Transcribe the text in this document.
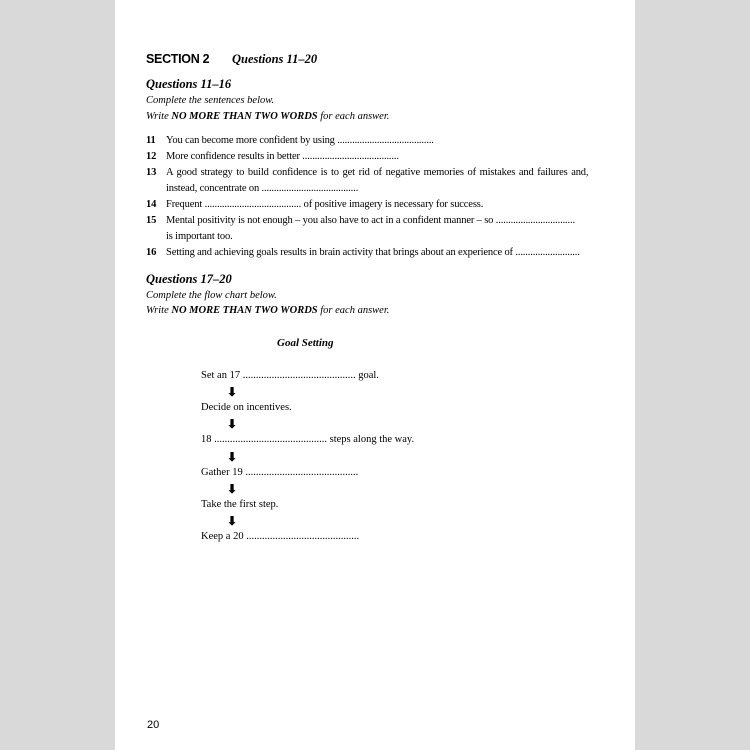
SECTION 2 Questions 11–20
Questions 11–16
Complete the sentences below.
Write NO MORE THAN TWO WORDS for each answer.
11 You can become more confident by using .......................................
12 More confidence results in better .......................................
13 A good strategy to build confidence is to get rid of negative memories of mistakes and failures and,
instead, concentrate on .......................................
14 Frequent ....................................... of positive imagery is necessary for success.
15 Mental positivity is not enough – you also have to act in a confident manner – so ................................
is important too.
16 Setting and achieving goals results in brain activity that brings about an experience of ..........................
Questions 17–20
Complete the flow chart below.
Write NO MORE THAN TWO WORDS for each answer.
Goal Setting
Set an 17 ........................................... goal.
⬇
Decide on incentives.
⬇
18 ........................................... steps along the way.
⬇
Gather 19 ...........................................
⬇
Take the first step.
⬇
Keep a 20 ...........................................
20
